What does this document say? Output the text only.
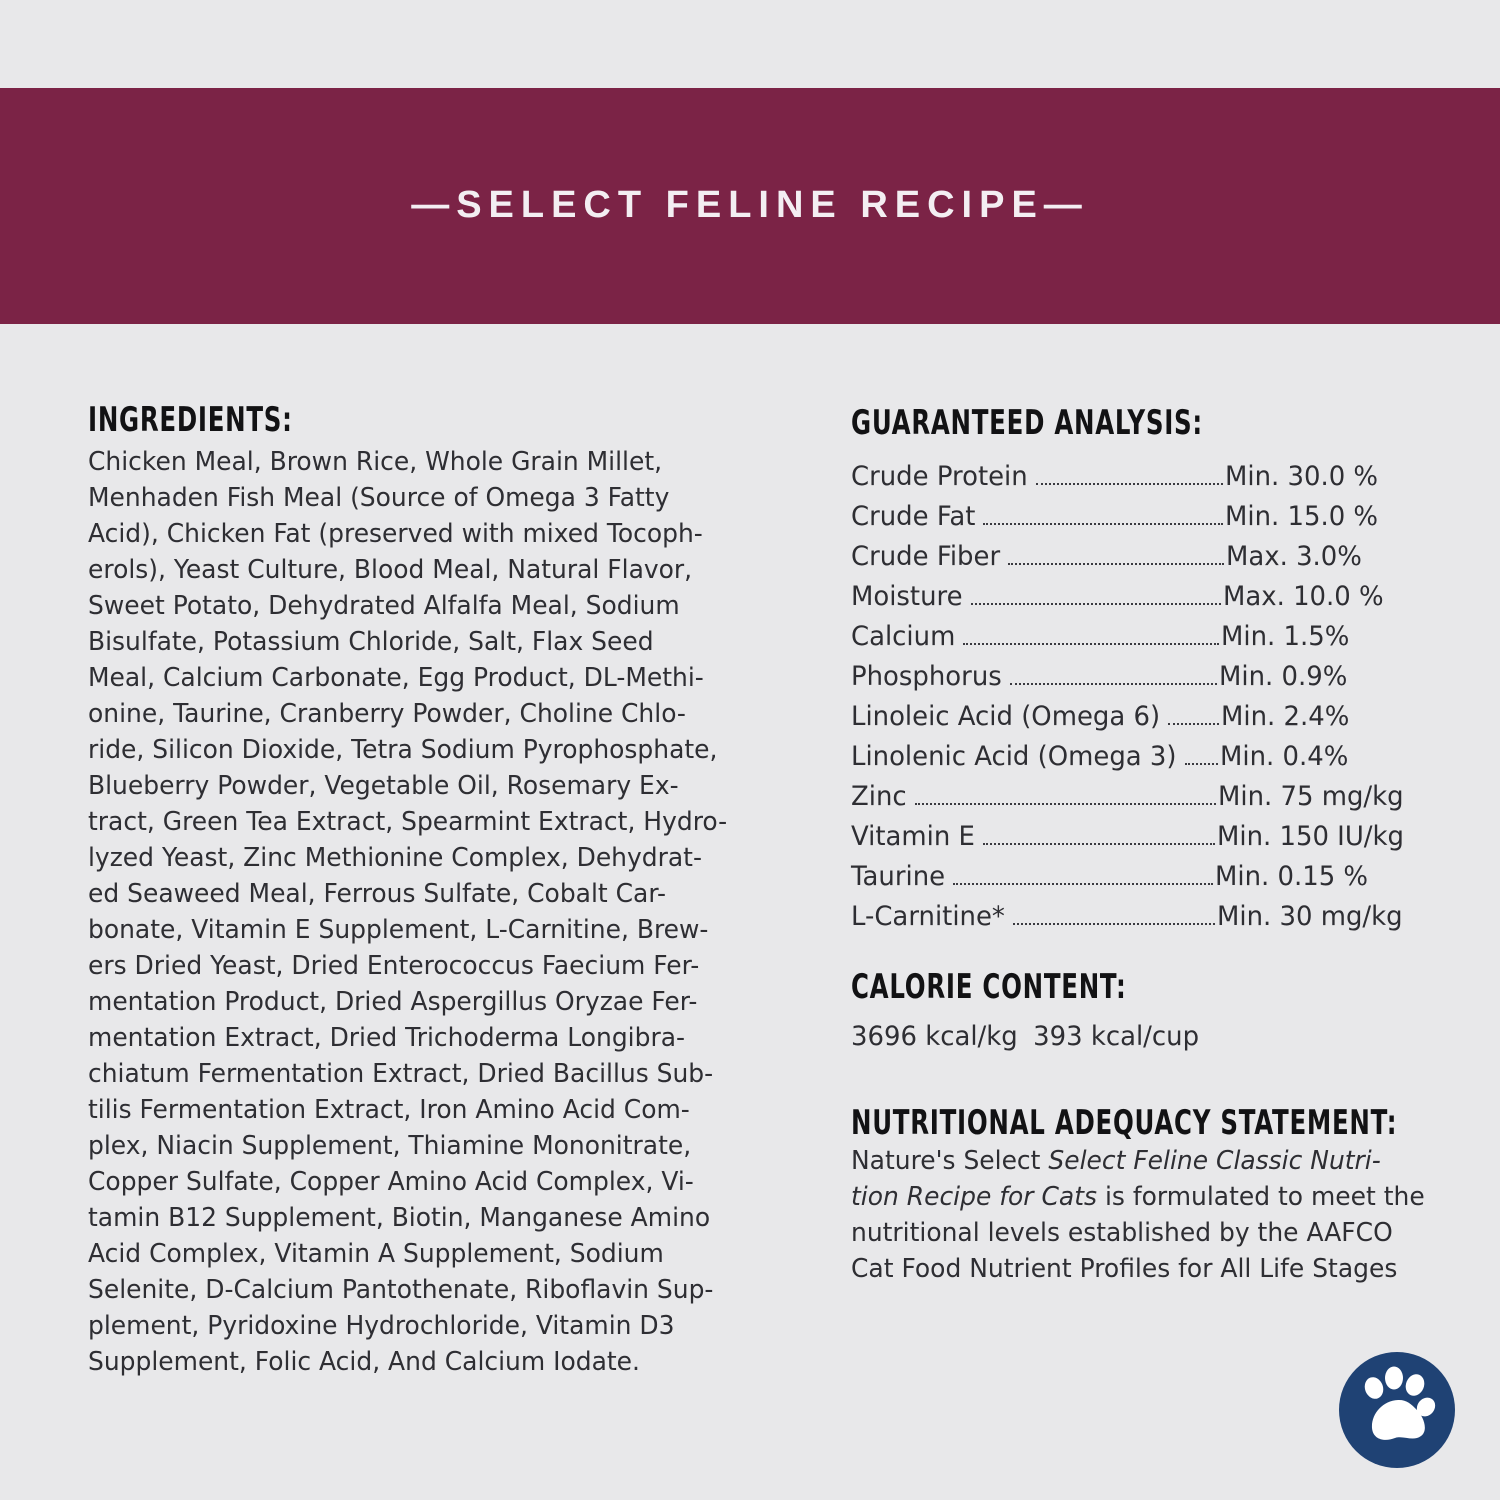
—SELECT FELINE RECIPE—
INGREDIENTS:
Chicken Meal, Brown Rice, Whole Grain Millet,
Menhaden Fish Meal (Source of Omega 3 Fatty
Acid), Chicken Fat (preserved with mixed Tocoph-
erols), Yeast Culture, Blood Meal, Natural Flavor,
Sweet Potato, Dehydrated Alfalfa Meal, Sodium
Bisulfate, Potassium Chloride, Salt, Flax Seed
Meal, Calcium Carbonate, Egg Product, DL-Methi-
onine, Taurine, Cranberry Powder, Choline Chlo-
ride, Silicon Dioxide, Tetra Sodium Pyrophosphate,
Blueberry Powder, Vegetable Oil, Rosemary Ex-
tract, Green Tea Extract, Spearmint Extract, Hydro-
lyzed Yeast, Zinc Methionine Complex, Dehydrat-
ed Seaweed Meal, Ferrous Sulfate, Cobalt Car-
bonate, Vitamin E Supplement, L-Carnitine, Brew-
ers Dried Yeast, Dried Enterococcus Faecium Fer-
mentation Product, Dried Aspergillus Oryzae Fer-
mentation Extract, Dried Trichoderma Longibra-
chiatum Fermentation Extract, Dried Bacillus Sub-
tilis Fermentation Extract, Iron Amino Acid Com-
plex, Niacin Supplement, Thiamine Mononitrate,
Copper Sulfate, Copper Amino Acid Complex, Vi-
tamin B12 Supplement, Biotin, Manganese Amino
Acid Complex, Vitamin A Supplement, Sodium
Selenite, D-Calcium Pantothenate, Riboflavin Sup-
plement, Pyridoxine Hydrochloride, Vitamin D3
Supplement, Folic Acid, And Calcium Iodate.
GUARANTEED ANALYSIS:
Crude Protein	Min. 30.0 %
Crude Fat	Min. 15.0 %
Crude Fiber	Max. 3.0%
Moisture	Max. 10.0 %
Calcium	Min. 1.5%
Phosphorus	Min. 0.9%
Linoleic Acid (Omega 6) Min. 2.4%
Linolenic Acid (Omega 3) Min. 0.4%
Zinc	Min. 75 mg/kg
Vitamin E	Min. 150 IU/kg
Taurine	Min. 0.15 %
L-Carnitine*	Min. 30 mg/kg
CALORIE CONTENT:
3696 kcal/kg 393 kcal/cup
NUTRITIONAL ADEQUACY STATEMENT:
Nature's Select Select Feline Classic Nutri-tion Recipe for Cats is formulated to meet the nutritional levels established by the AAFCO Cat Food Nutrient Profiles for All Life Stages
